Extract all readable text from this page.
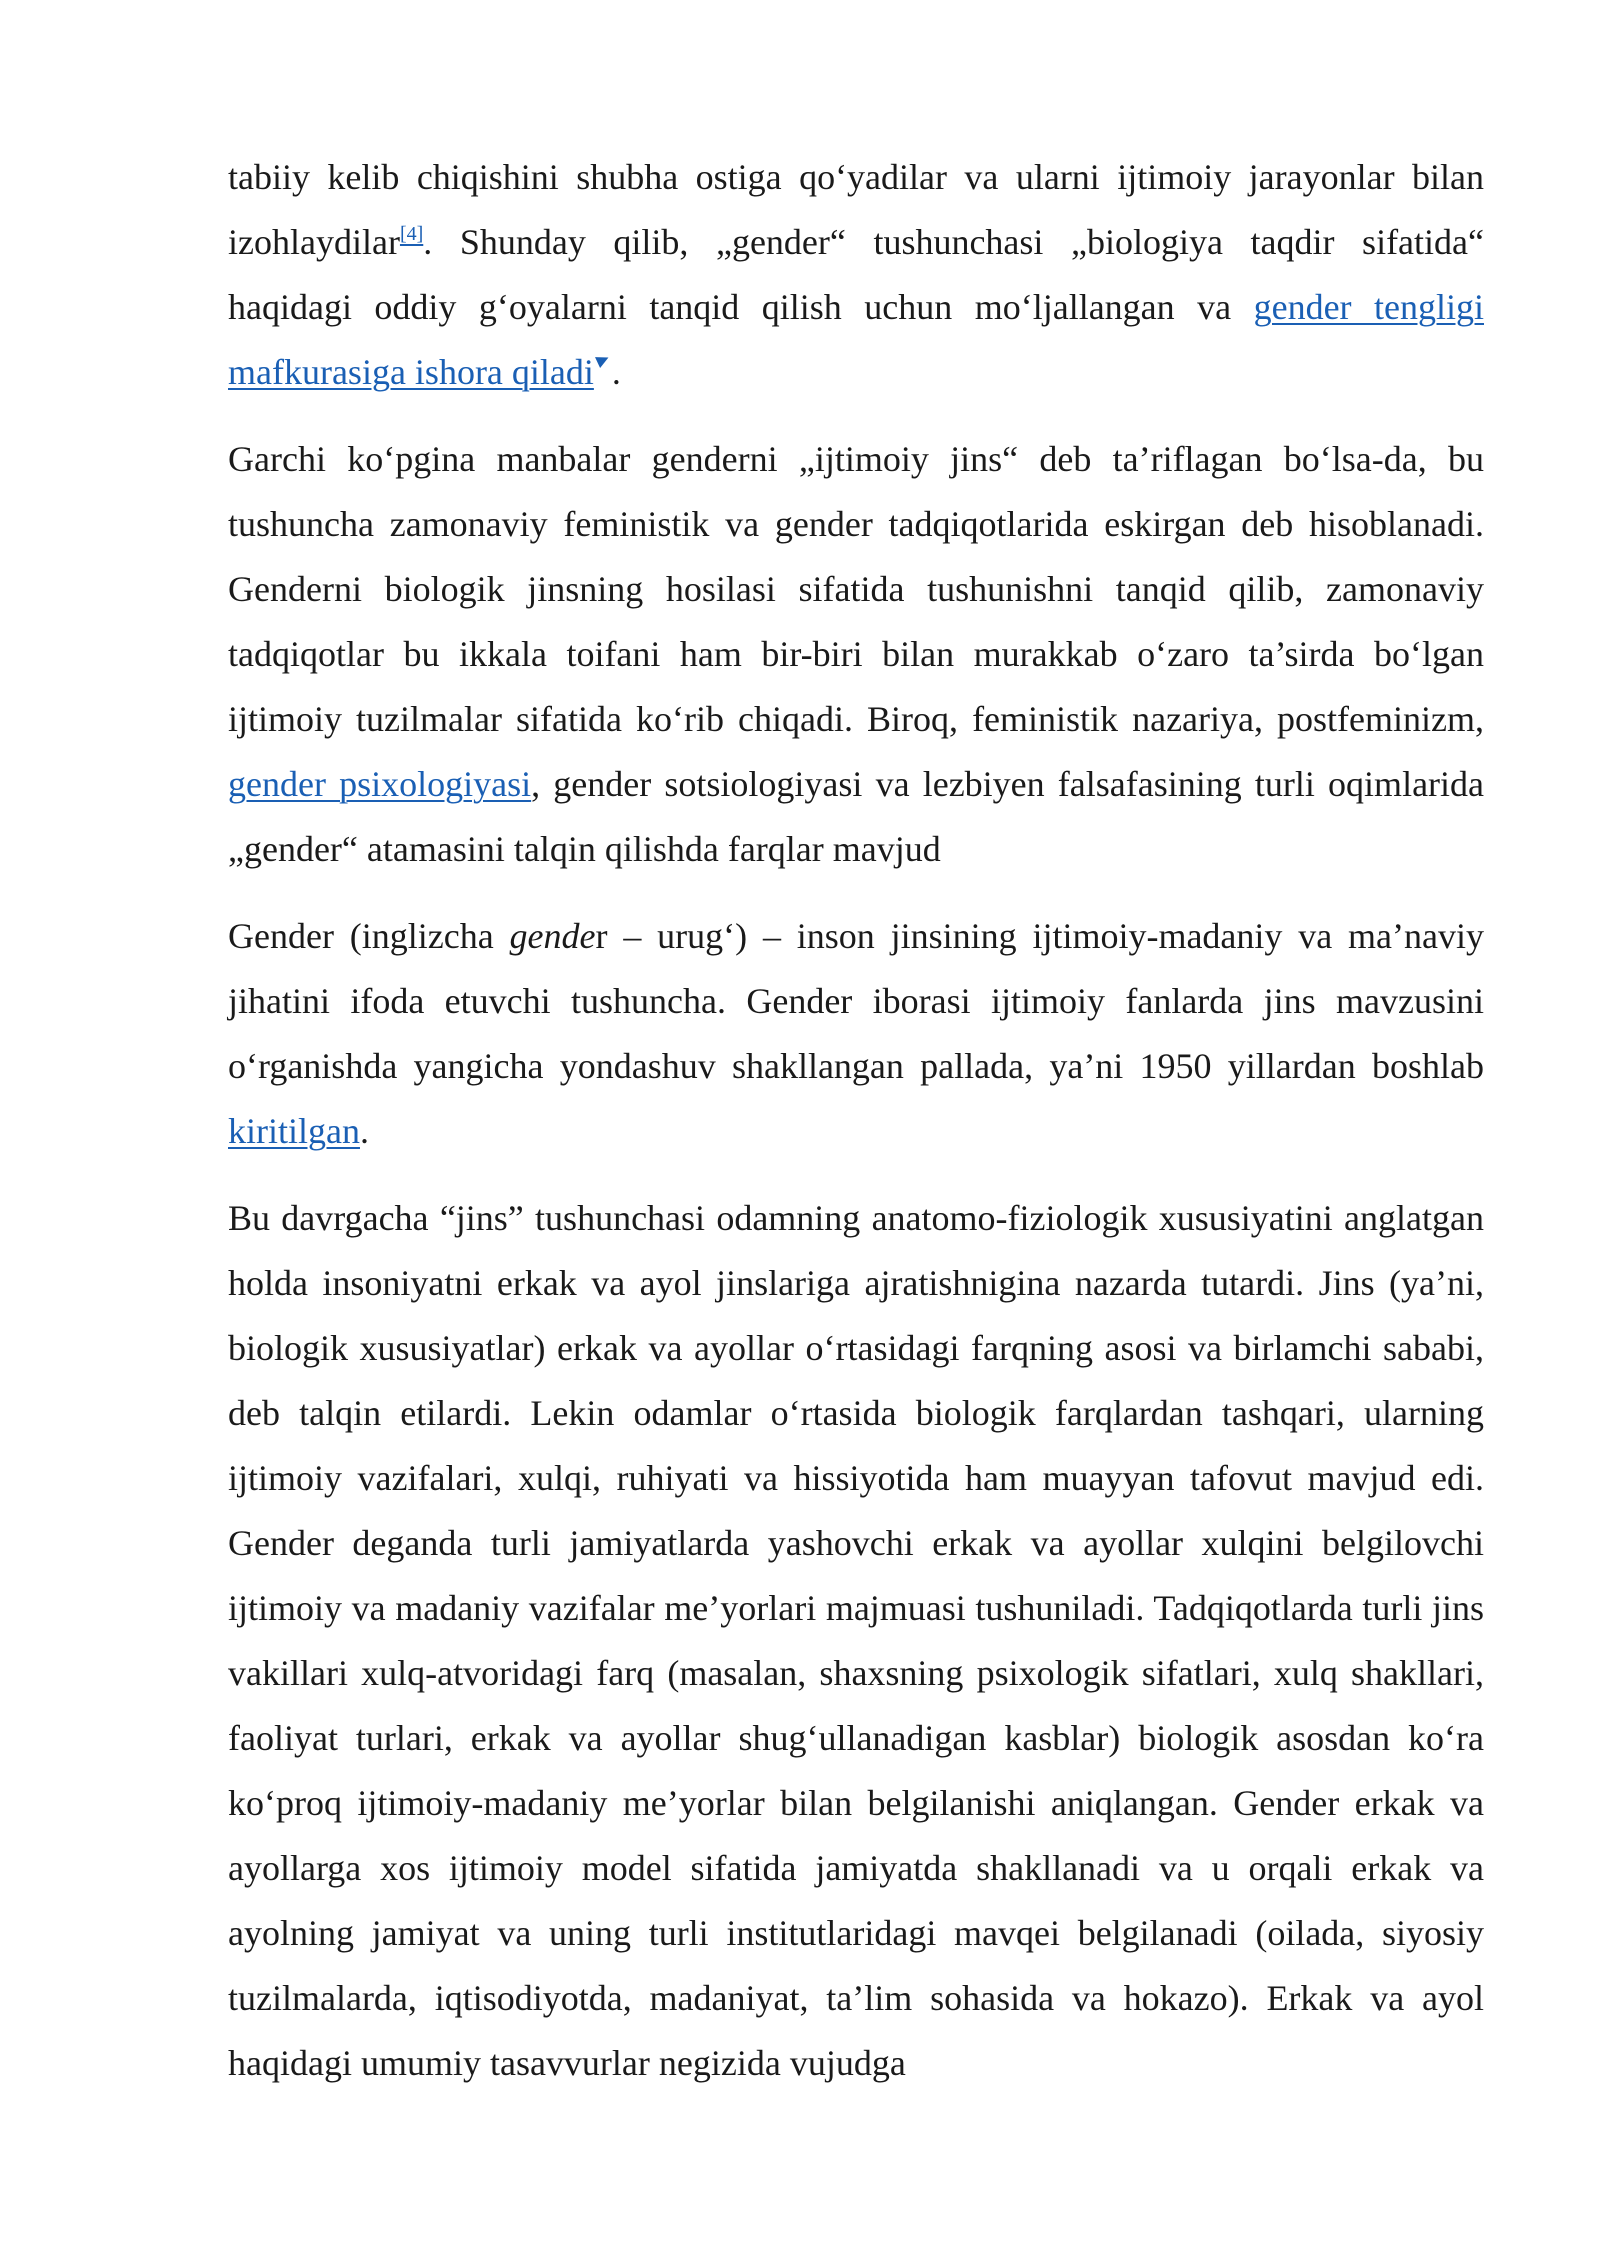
tabiiy kelib chiqishini shubha ostiga qo‘yadilar va ularni ijtimoiy jarayonlar bilan izohlaydilar[4]. Shunday qilib, „gender“ tushunchasi „biologiya taqdir sifatida“ haqidagi oddiy g‘oyalarni tanqid qilish uchun mo‘ljallangan va gender tengligi mafkurasiga ishora qiladi .

Garchi ko‘pgina manbalar genderni „ijtimoiy jins“ deb ta’riflagan bo‘lsa-da, bu tushuncha zamonaviy feministik va gender tadqiqotlarida eskirgan deb hisoblanadi. Genderni biologik jinsning hosilasi sifatida tushunishni tanqid qilib, zamonaviy tadqiqotlar bu ikkala toifani ham bir-biri bilan murakkab o‘zaro ta’sirda bo‘lgan ijtimoiy tuzilmalar sifatida ko‘rib chiqadi. Biroq, feministik nazariya, postfeminizm, gender psixologiyasi, gender sotsiologiyasi va lezbiyen falsafasining turli oqimlarida „gender“ atamasini talqin qilishda farqlar mavjud

Gender (inglizcha gender – urug‘) – inson jinsining ijtimoiy-madaniy va ma’naviy jihatini ifoda etuvchi tushuncha. Gender iborasi ijtimoiy fanlarda jins mavzusini o‘rganishda yangicha yondashuv shakllangan pallada, ya’ni 1950 yillardan boshlab kiritilgan.

Bu davrgacha “jins” tushunchasi odamning anatomo-fiziologik xususiyatini anglatgan holda insoniyatni erkak va ayol jinslariga ajratishnigina nazarda tutardi. Jins (ya’ni, biologik xususiyatlar) erkak va ayollar o‘rtasidagi farqning asosi va birlamchi sababi, deb talqin etilardi. Lekin odamlar o‘rtasida biologik farqlardan tashqari, ularning ijtimoiy vazifalari, xulqi, ruhiyati va hissiyotida ham muayyan tafovut mavjud edi. Gender deganda turli jamiyatlarda yashovchi erkak va ayollar xulqini belgilovchi ijtimoiy va madaniy vazifalar me’yorlari majmuasi tushuniladi. Tadqiqotlarda turli jins vakillari xulq-atvoridagi farq (masalan, shaxsning psixologik sifatlari, xulq shakllari, faoliyat turlari, erkak va ayollar shug‘ullanadigan kasblar) biologik asosdan ko‘ra ko‘proq ijtimoiy-madaniy me’yorlar bilan belgilanishi aniqlangan. Gender erkak va ayollarga xos ijtimoiy model sifatida jamiyatda shakllanadi va u orqali erkak va ayolning jamiyat va uning turli institutlaridagi mavqei belgilanadi (oilada, siyosiy tuzilmalarda, iqtisodiyotda, madaniyat, ta’lim sohasida va hokazo). Erkak va ayol haqidagi umumiy tasavvurlar negizida vujudga
